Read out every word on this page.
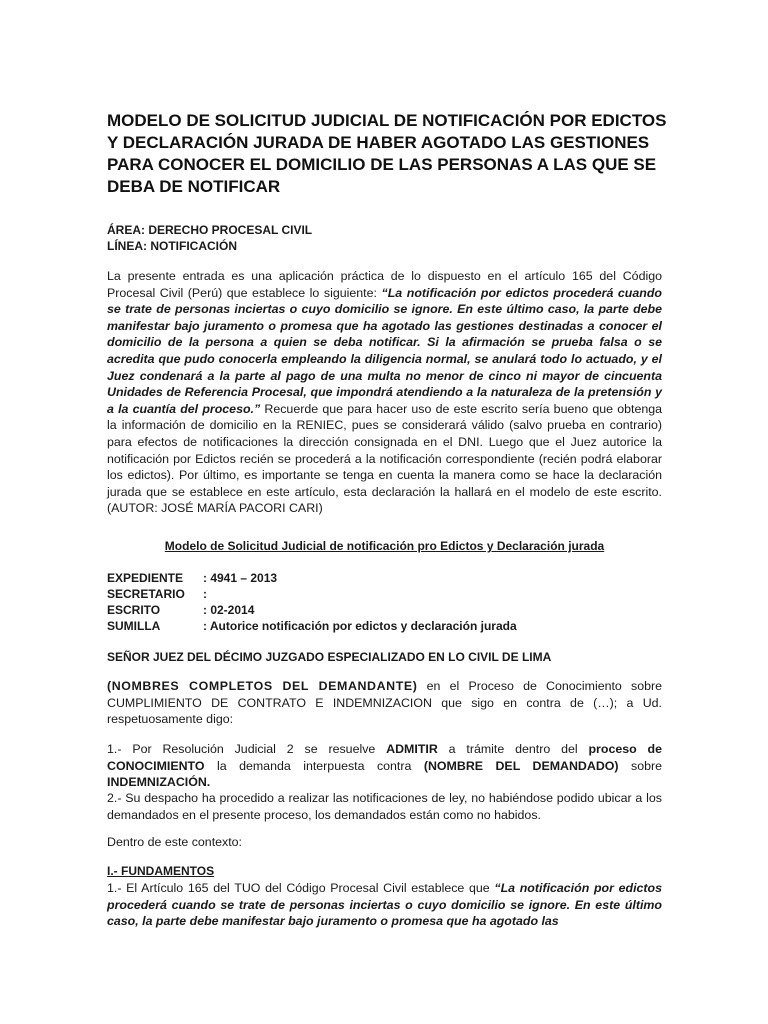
MODELO DE SOLICITUD JUDICIAL DE NOTIFICACIÓN POR EDICTOS Y DECLARACIÓN JURADA DE HABER AGOTADO LAS GESTIONES PARA CONOCER EL DOMICILIO DE LAS PERSONAS A LAS QUE SE DEBA DE NOTIFICAR

ÁREA: DERECHO PROCESAL CIVIL
LÍNEA: NOTIFICACIÓN

La presente entrada es una aplicación práctica de lo dispuesto en el artículo 165 del Código Procesal Civil (Perú) que establece lo siguiente: “La notificación por edictos procederá cuando se trate de personas inciertas o cuyo domicilio se ignore. En este último caso, la parte debe manifestar bajo juramento o promesa que ha agotado las gestiones destinadas a conocer el domicilio de la persona a quien se deba notificar. Si la afirmación se prueba falsa o se acredita que pudo conocerla empleando la diligencia normal, se anulará todo lo actuado, y el Juez condenará a la parte al pago de una multa no menor de cinco ni mayor de cincuenta Unidades de Referencia Procesal, que impondrá atendiendo a la naturaleza de la pretensión y a la cuantía del proceso.” Recuerde que para hacer uso de este escrito sería bueno que obtenga la información de domicilio en la RENIEC, pues se considerará válido (salvo prueba en contrario) para efectos de notificaciones la dirección consignada en el DNI. Luego que el Juez autorice la notificación por Edictos recién se procederá a la notificación correspondiente (recién podrá elaborar los edictos). Por último, es importante se tenga en cuenta la manera como se hace la declaración jurada que se establece en este artículo, esta declaración la hallará en el modelo de este escrito. (AUTOR: JOSÉ MARÍA PACORI CARI)

Modelo de Solicitud Judicial de notificación pro Edictos y Declaración jurada

EXPEDIENTE : 4941 – 2013
SECRETARIO :
ESCRITO	: 02-2014
SUMILLA	: Autorice notificación por edictos y declaración jurada

SEÑOR JUEZ DEL DÉCIMO JUZGADO ESPECIALIZADO EN LO CIVIL DE LIMA

(NOMBRES COMPLETOS DEL DEMANDANTE) en el Proceso de Conocimiento sobre CUMPLIMIENTO DE CONTRATO E INDEMNIZACION que sigo en contra de (…); a Ud. respetuosamente digo:

1.- Por Resolución Judicial 2 se resuelve ADMITIR a trámite dentro del proceso de CONOCIMIENTO la demanda interpuesta contra (NOMBRE DEL DEMANDADO) sobre INDEMNIZACIÓN.

2.- Su despacho ha procedido a realizar las notificaciones de ley, no habiéndose podido ubicar a los demandados en el presente proceso, los demandados están como no habidos.

Dentro de este contexto:

I.- FUNDAMENTOS

1.- El Artículo 165 del TUO del Código Procesal Civil establece que “La notificación por edictos procederá cuando se trate de personas inciertas o cuyo domicilio se ignore. En este último caso, la parte debe manifestar bajo juramento o promesa que ha agotado las
